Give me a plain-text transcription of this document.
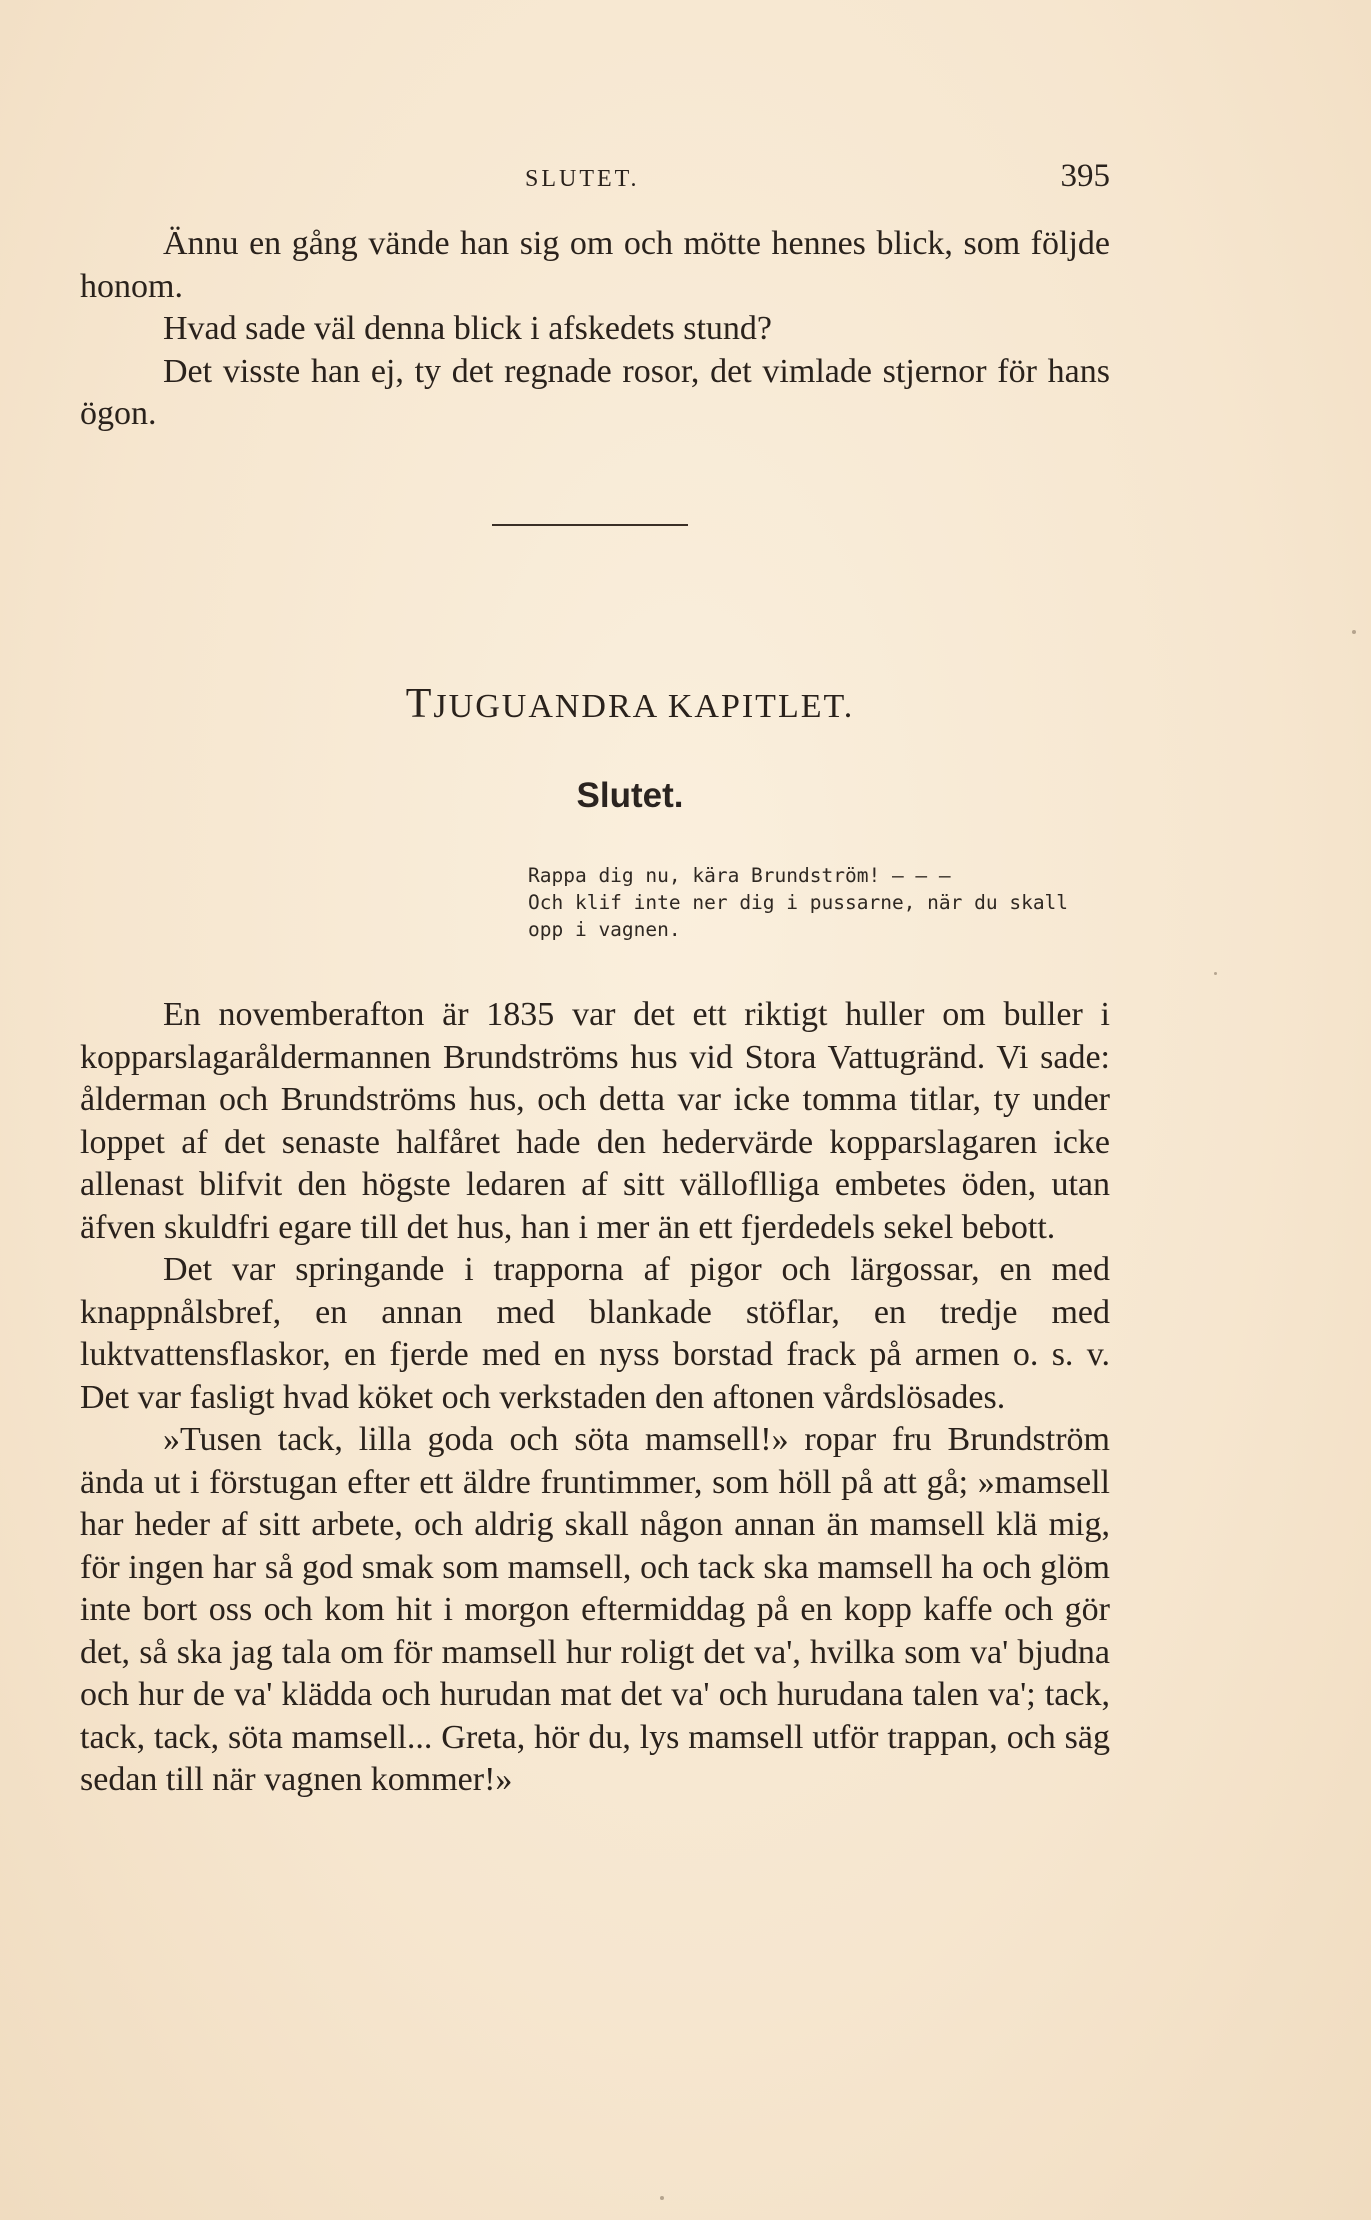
SLUTET.	395

Ännu en gång vände han sig om och mötte hennes blick, som följde honom.

Hvad sade väl denna blick i afskedets stund?

Det visste han ej, ty det regnade rosor, det vimlade stjernor för hans ögon.

TJUGUANDRA KAPITLET.
Slutet.
Rappa dig nu, kära Brundström! — — —
Och klif inte ner dig i pussarne, när du skall
opp i vagnen.

En novemberafton är 1835 var det ett riktigt huller om buller i kopparslagaråldermannen Brundströms hus vid Stora Vattugränd. Vi sade: ålderman och Brundströms hus, och detta var icke tomma titlar, ty under loppet af det senaste halfåret hade den hedervärde kopparslagaren icke allenast blifvit den högste ledaren af sitt välloflliga embetes öden, utan äfven skuldfri egare till det hus, han i mer än ett fjerdedels sekel bebott.

Det var springande i trapporna af pigor och lärgossar, en med knappnålsbref, en annan med blankade stöflar, en tredje med luktvattensflaskor, en fjerde med en nyss borstad frack på armen o. s. v. Det var fasligt hvad köket och verkstaden den aftonen vårdslösades.

»Tusen tack, lilla goda och söta mamsell!» ropar fru Brundström ända ut i förstugan efter ett äldre fruntimmer, som höll på att gå; »mamsell har heder af sitt arbete, och aldrig skall någon annan än mamsell klä mig, för ingen har så god smak som mamsell, och tack ska mamsell ha och glöm inte bort oss och kom hit i morgon eftermiddag på en kopp kaffe och gör det, så ska jag tala om för mamsell hur roligt det va', hvilka som va' bjudna och hur de va' klädda och hurudan mat det va' och hurudana talen va'; tack, tack, tack, söta mamsell... Greta, hör du, lys mamsell utför trappan, och säg sedan till när vagnen kommer!»
